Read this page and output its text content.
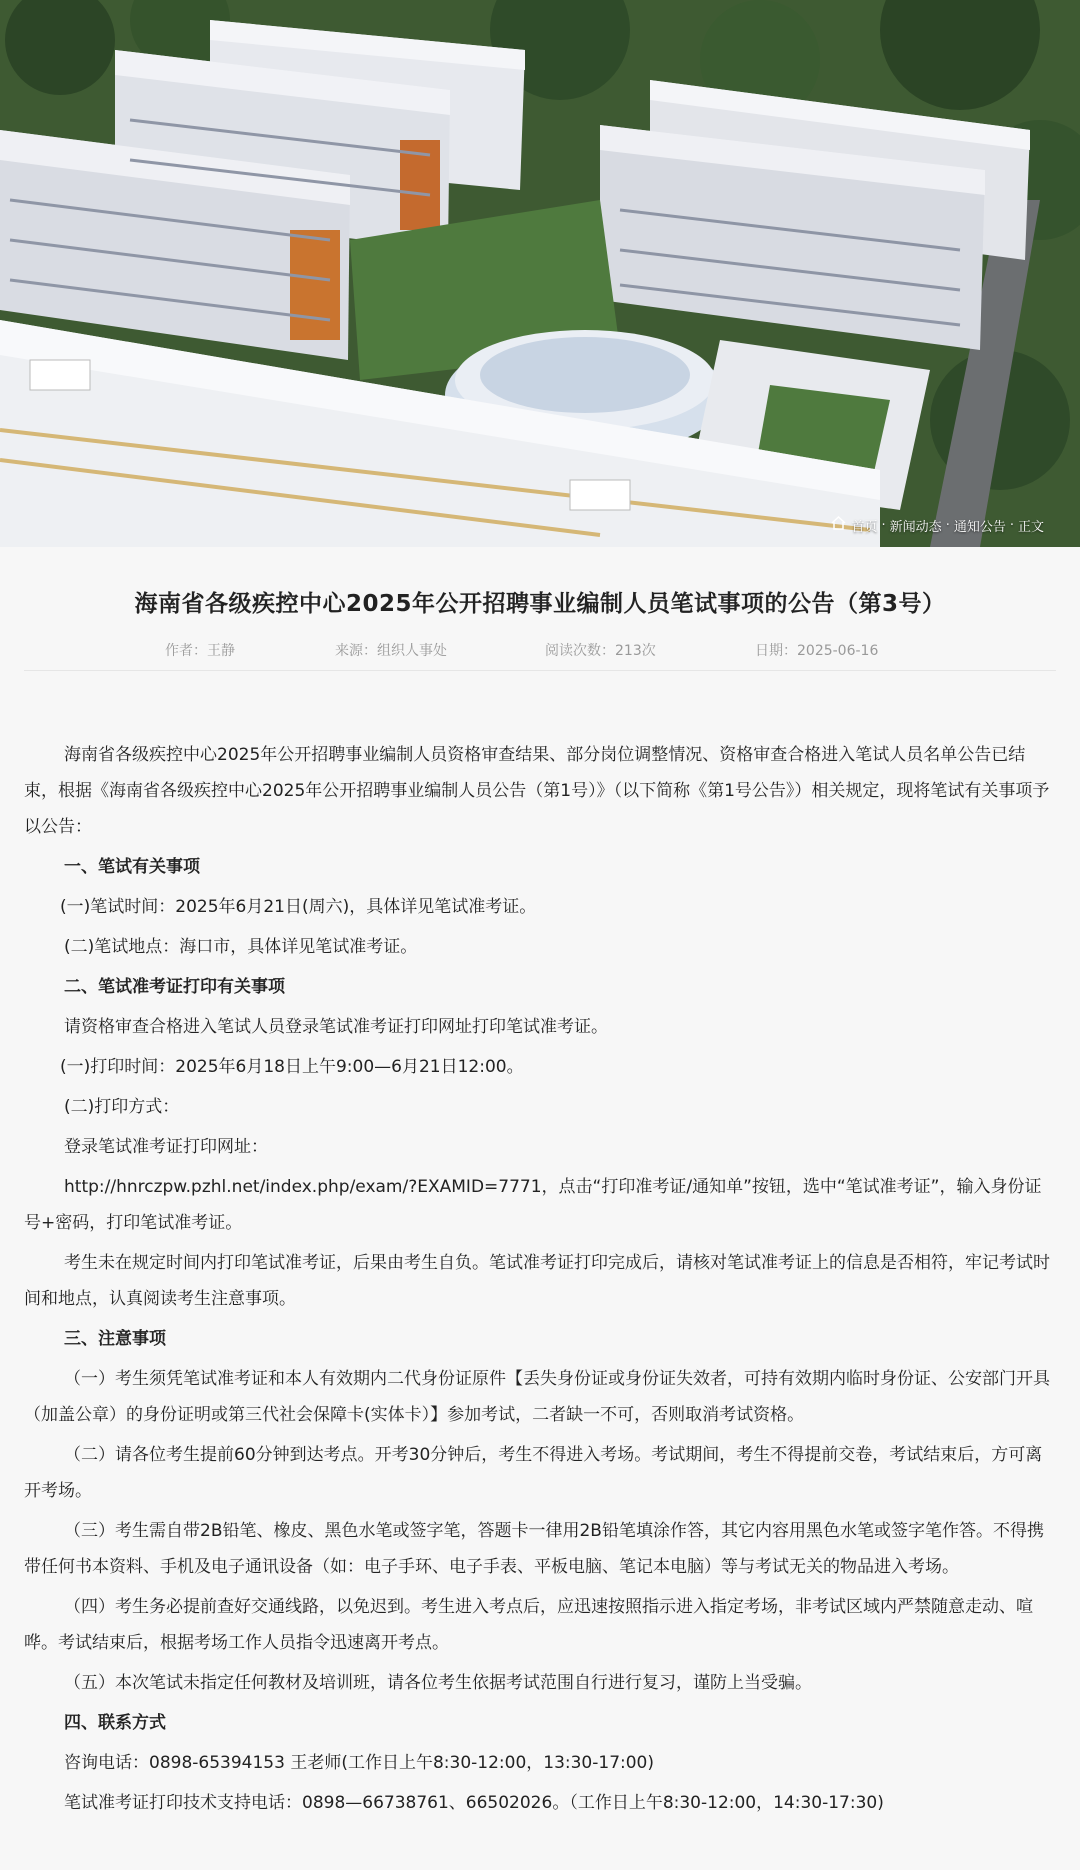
首页 · 新闻动态 · 通知公告 · 正文
海南省各级疾控中心2025年公开招聘事业编制人员笔试事项的公告（第3号）
作者：王静	来源：组织人事处	阅读次数：213次	日期：2025-06-16

海南省各级疾控中心2025年公开招聘事业编制人员资格审查结果、部分岗位调整情况、资格审查合格进入笔试人员名单公告已结束，根据《海南省各级疾控中心2025年公开招聘事业编制人员公告（第1号）》（以下简称《第1号公告》）相关规定，现将笔试有关事项予以公告：

一、笔试有关事项

(一)笔试时间：2025年6月21日(周六)，具体详见笔试准考证。

(二)笔试地点：海口市，具体详见笔试准考证。

二、笔试准考证打印有关事项

请资格审查合格进入笔试人员登录笔试准考证打印网址打印笔试准考证。

(一)打印时间：2025年6月18日上午9:00—6月21日12:00。

(二)打印方式：

登录笔试准考证打印网址：

http://hnrczpw.pzhl.net/index.php/exam/?EXAMID=7771，点击“打印准考证/通知单”按钮，选中“笔试准考证”，输入身份证号+密码，打印笔试准考证。

考生未在规定时间内打印笔试准考证，后果由考生自负。笔试准考证打印完成后，请核对笔试准考证上的信息是否相符，牢记考试时间和地点，认真阅读考生注意事项。

三、注意事项

（一）考生须凭笔试准考证和本人有效期内二代身份证原件【丢失身份证或身份证失效者，可持有效期内临时身份证、公安部门开具（加盖公章）的身份证明或第三代社会保障卡(实体卡）】参加考试，二者缺一不可，否则取消考试资格。

（二）请各位考生提前60分钟到达考点。开考30分钟后，考生不得进入考场。考试期间，考生不得提前交卷，考试结束后，方可离开考场。

（三）考生需自带2B铅笔、橡皮、黑色水笔或签字笔，答题卡一律用2B铅笔填涂作答，其它内容用黑色水笔或签字笔作答。不得携带任何书本资料、手机及电子通讯设备（如：电子手环、电子手表、平板电脑、笔记本电脑）等与考试无关的物品进入考场。

（四）考生务必提前查好交通线路，以免迟到。考生进入考点后，应迅速按照指示进入指定考场，非考试区域内严禁随意走动、喧哗。考试结束后，根据考场工作人员指令迅速离开考点。

（五）本次笔试未指定任何教材及培训班，请各位考生依据考试范围自行进行复习，谨防上当受骗。

四、联系方式

咨询电话：0898-65394153 王老师(工作日上午8:30-12:00，13:30-17:00)

笔试准考证打印技术支持电话：0898—66738761、66502026。（工作日上午8:30-12:00，14:30-17:30)
